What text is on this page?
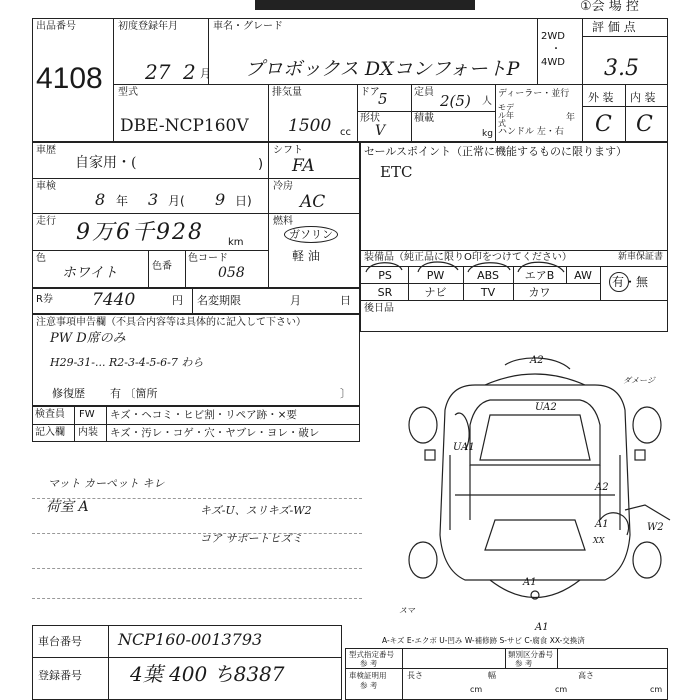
①会 場 控
出品番号
4108
初度登録年月
27 2 月
車名・グレード
プロボックス DXコンフォートP
2WD
・
4WD
評 価 点
3.5
型式
DBE-NCP160V
排気量
1500 cc
ドア
5
形状
V
定員 2(5) 人
積載
kg
ディーラー・並行
モデル年式
年
ハンドル 左・右
外 装 内 装
C C
車歴
自家用・(	)
シフト
FA
車検
8 年 3 月( 9 日)
冷房
AC
走行 9万6千928 km
燃料
ガソリン
軽 油
色
ホワイト	色番
色コード
058
セールスポイント（正常に機能するものに限ります）
ETC
装備品（純正品に限りO印をつけてください）	新車保証書
PS	PW	ABS	エアB	AW
SR	ナビ	TV	カワ
有・無
後日品
R券 7440	円 名変期限	月	日
注意事項申告欄（不具合内容等は具体的に記入して下さい）
PW D席のみ
H29-31-... R2-3-4-5-6-7 わら
修復歴 有 〔箇所	〕
検査員
記入欄
FW
内装
キズ・ヘコミ・ヒビ割・リペア跡・×要
キズ・汚レ・コゲ・穴・ヤブレ・ヨレ・破レ
マット カーペット キレ
荷室 A	キズ-U、スリキズ-W2
コア サポートヒズミ
A2
UA2
ダメージ
UA1
A2
A1	W2
XX
A1
スマ
A1
A-キズ E-エクボ U-凹み W-補修跡 S-サビ C-腐食 XX-交換済
車台番号 NCP160-0013793
登録番号 4葉 400 ち8387
型式指定番号
参 考
類別区分番号
参 考
車検証明用
参 考
長さ	幅	高さ
cm	cm	cm
